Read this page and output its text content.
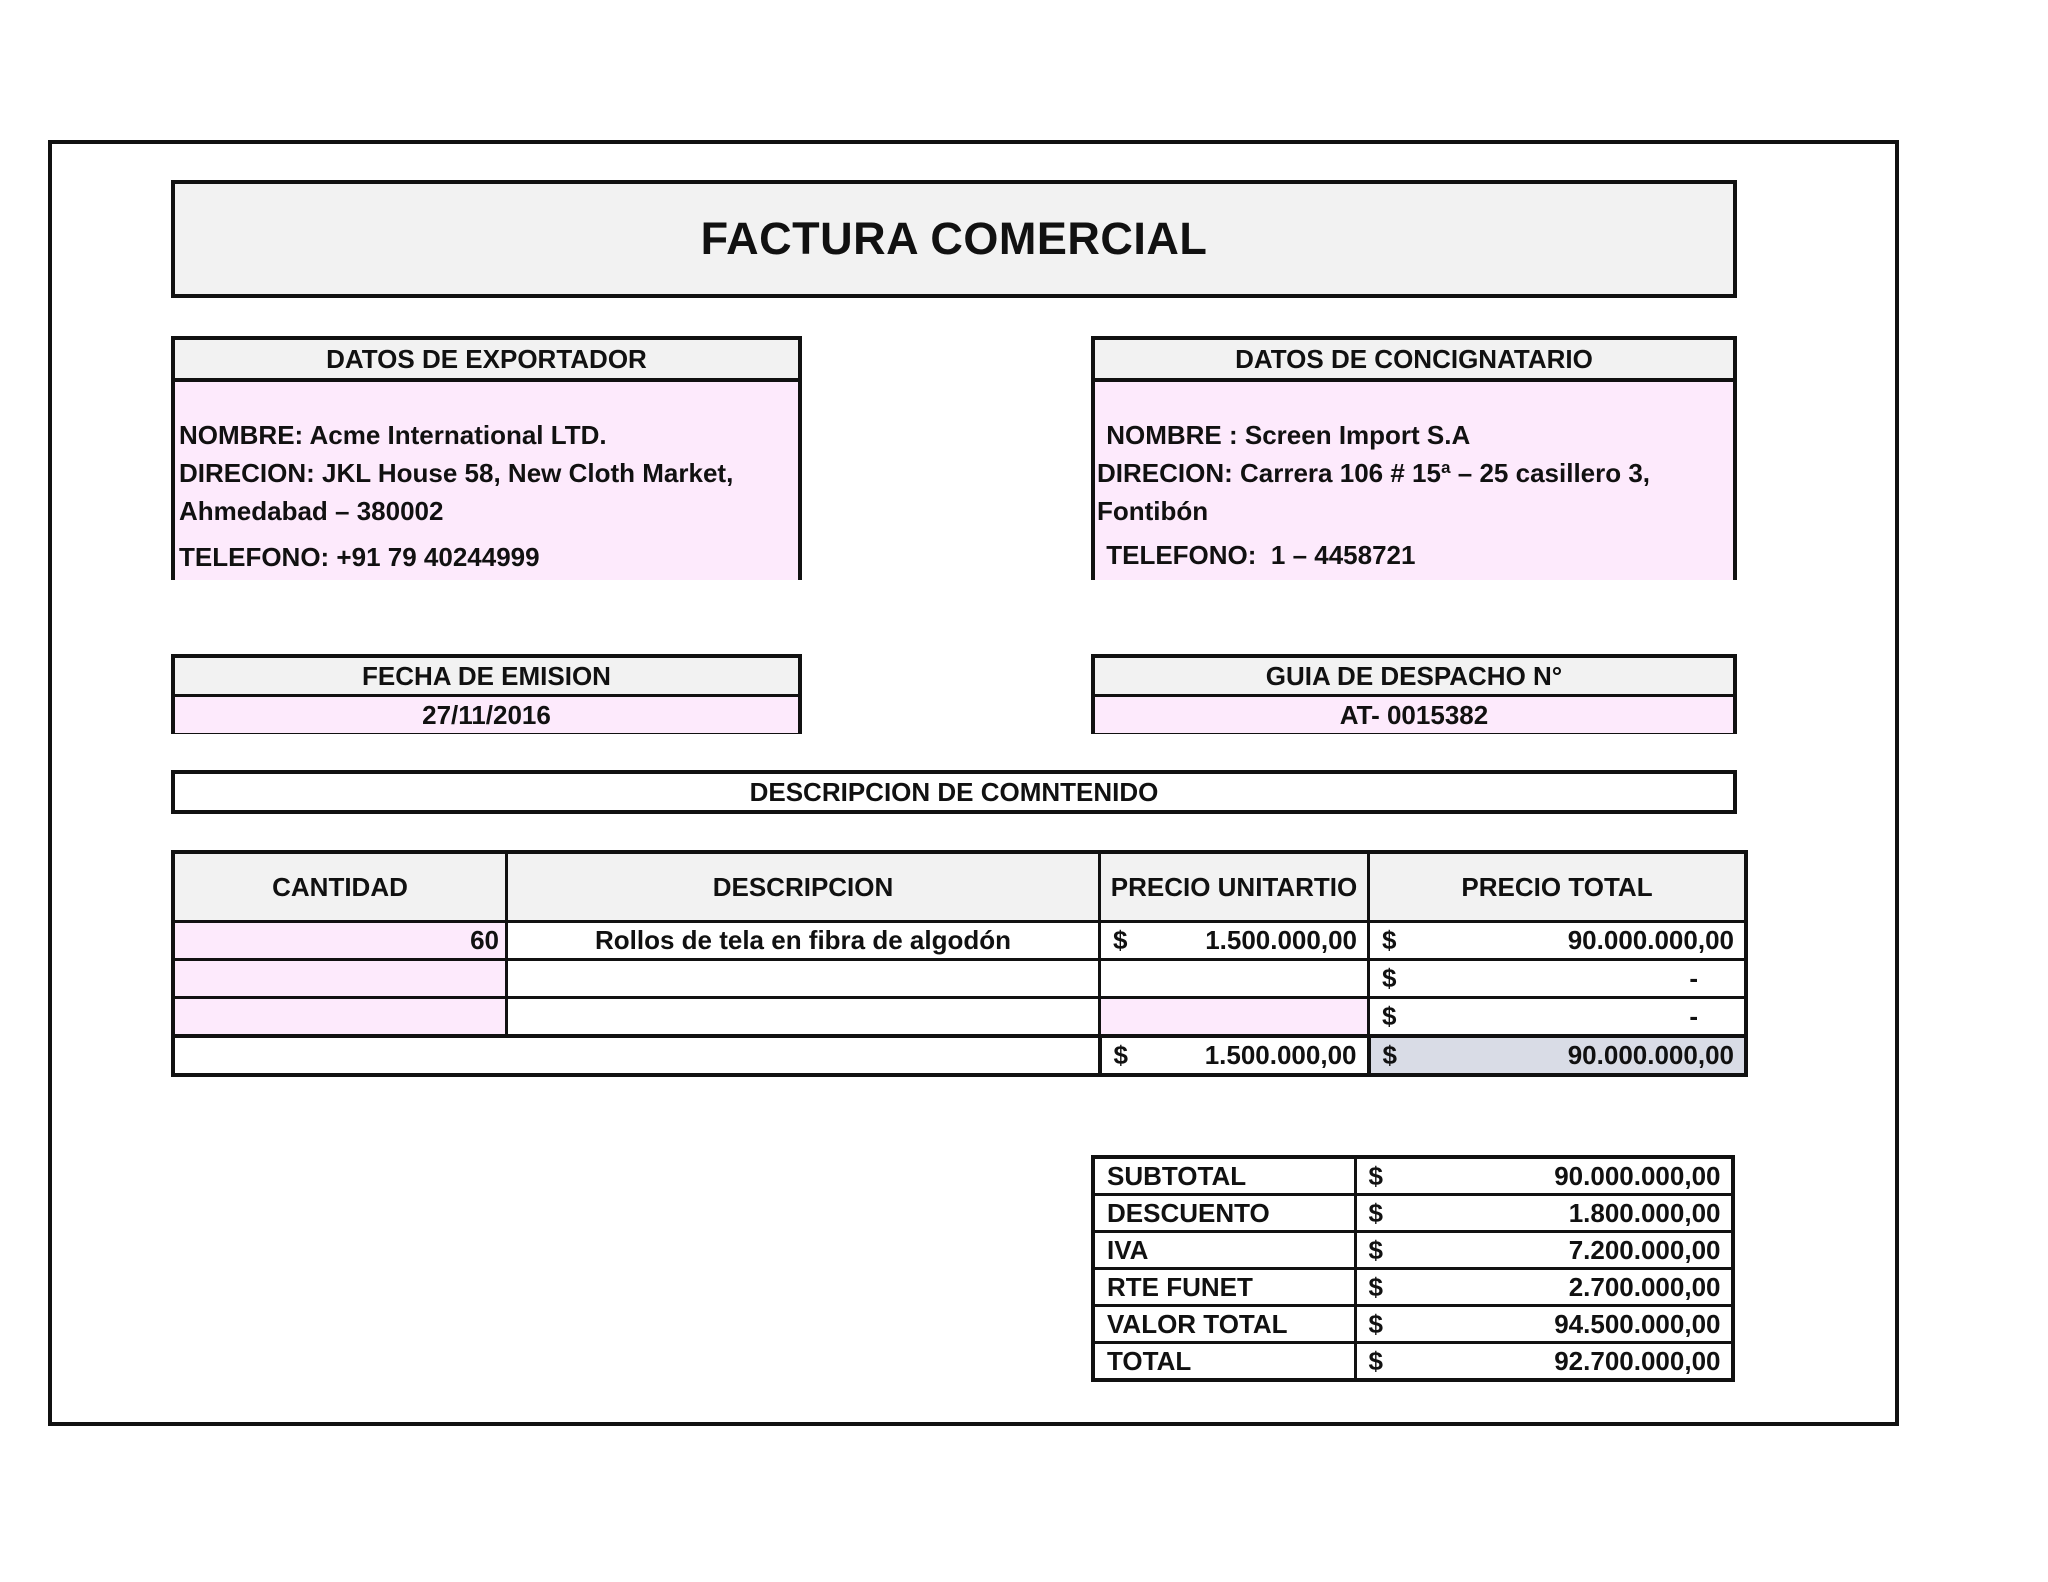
FACTURA COMERCIAL
DATOS DE EXPORTADOR
NOMBRE: Acme International LTD.
DIRECION: JKL House 58, New Cloth Market,
Ahmedabad – 380002
TELEFONO: +91 79 40244999
DATOS DE CONCIGNATARIO
NOMBRE : Screen Import S.A
DIRECION: Carrera 106 # 15ª – 25 casillero 3,
Fontibón
TELEFONO:  1 – 4458721
FECHA DE EMISION
27/11/2016
GUIA DE DESPACHO N°
AT- 0015382
DESCRIPCION DE COMNTENIDO
CANTIDAD	DESCRIPCION	PRECIO UNITARTIO	PRECIO TOTAL
60	Rollos de tela en fibra de algodón	$ 1.500.000,00	$ 90.000.000,00

			$ -

			$ -

		$ 1.500.000,00	$ 90.000.000,00
SUBTOTAL	$ 90.000.000,00

DESCUENTO	$ 1.800.000,00

IVA	$ 7.200.000,00

RTE FUNET	$ 2.700.000,00

VALOR TOTAL	$ 94.500.000,00

TOTAL	$ 92.700.000,00
